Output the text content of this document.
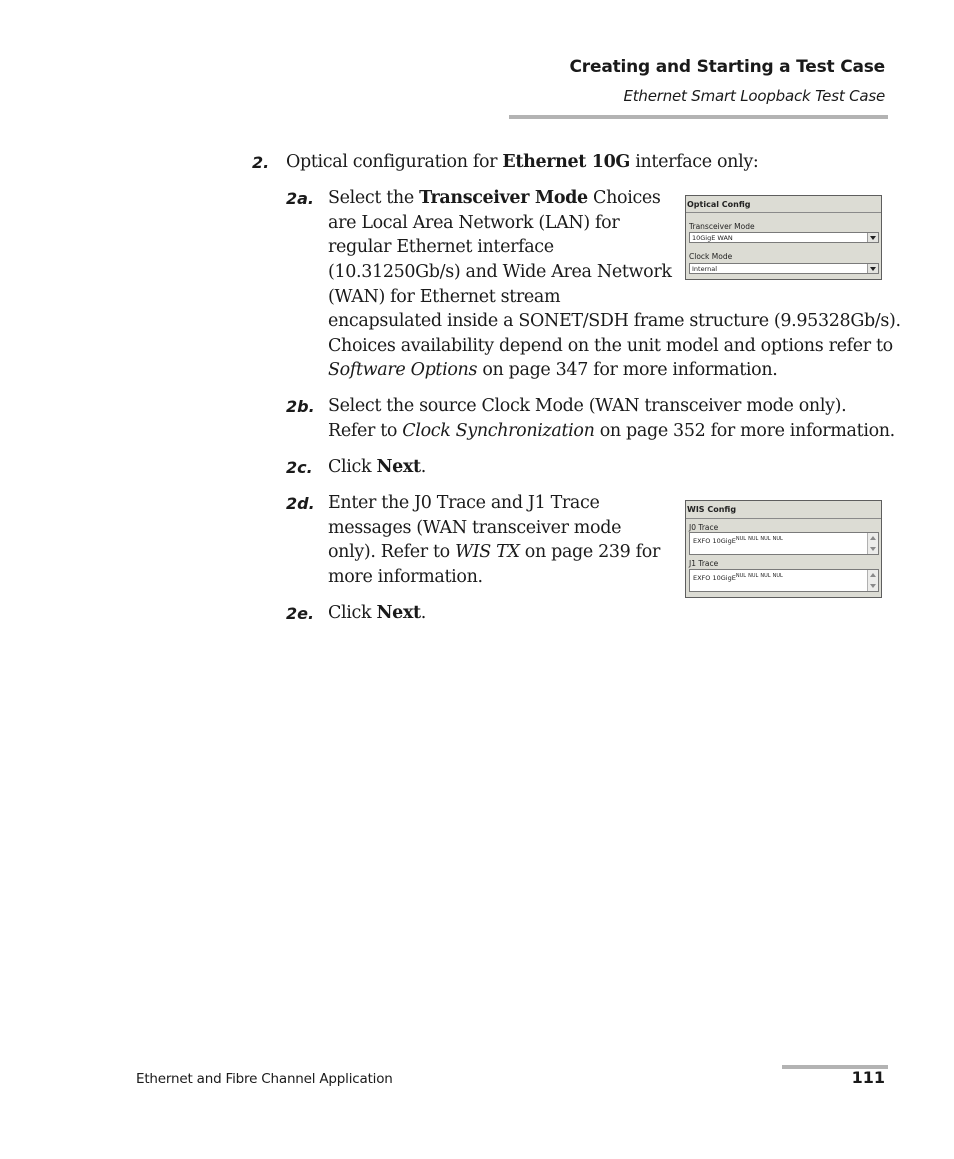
Creating and Starting a Test Case
Ethernet Smart Loopback Test Case
2. Optical configuration for Ethernet 10G interface only:
2a. Select the Transceiver Mode Choices
are Local Area Network (LAN) for
regular Ethernet interface
(10.31250Gb/s) and Wide Area Network
(WAN) for Ethernet stream
encapsulated inside a SONET/SDH frame structure (9.95328Gb/s).
Choices availability depend on the unit model and options refer to
Software Options on page 347 for more information.
Optical Config
Transceiver Mode
10GigE WAN
Clock Mode
Internal
2b. Select the source Clock Mode (WAN transceiver mode only).
Refer to Clock Synchronization on page 352 for more information.
2c. Click Next.
2d. Enter the J0 Trace and J1 Trace
messages (WAN transceiver mode
only). Refer to WIS TX on page 239 for
more information.
WIS Config
J0 Trace
EXFO 10GigE$^{NUL}$ $^{NUL}$ $^{NUL}$ $^{NUL}$
J1 Trace
EXFO 10GigE$^{NUL}$ $^{NUL}$ $^{NUL}$ $^{NUL}$
2e. Click Next.
Ethernet and Fibre Channel Application	111
